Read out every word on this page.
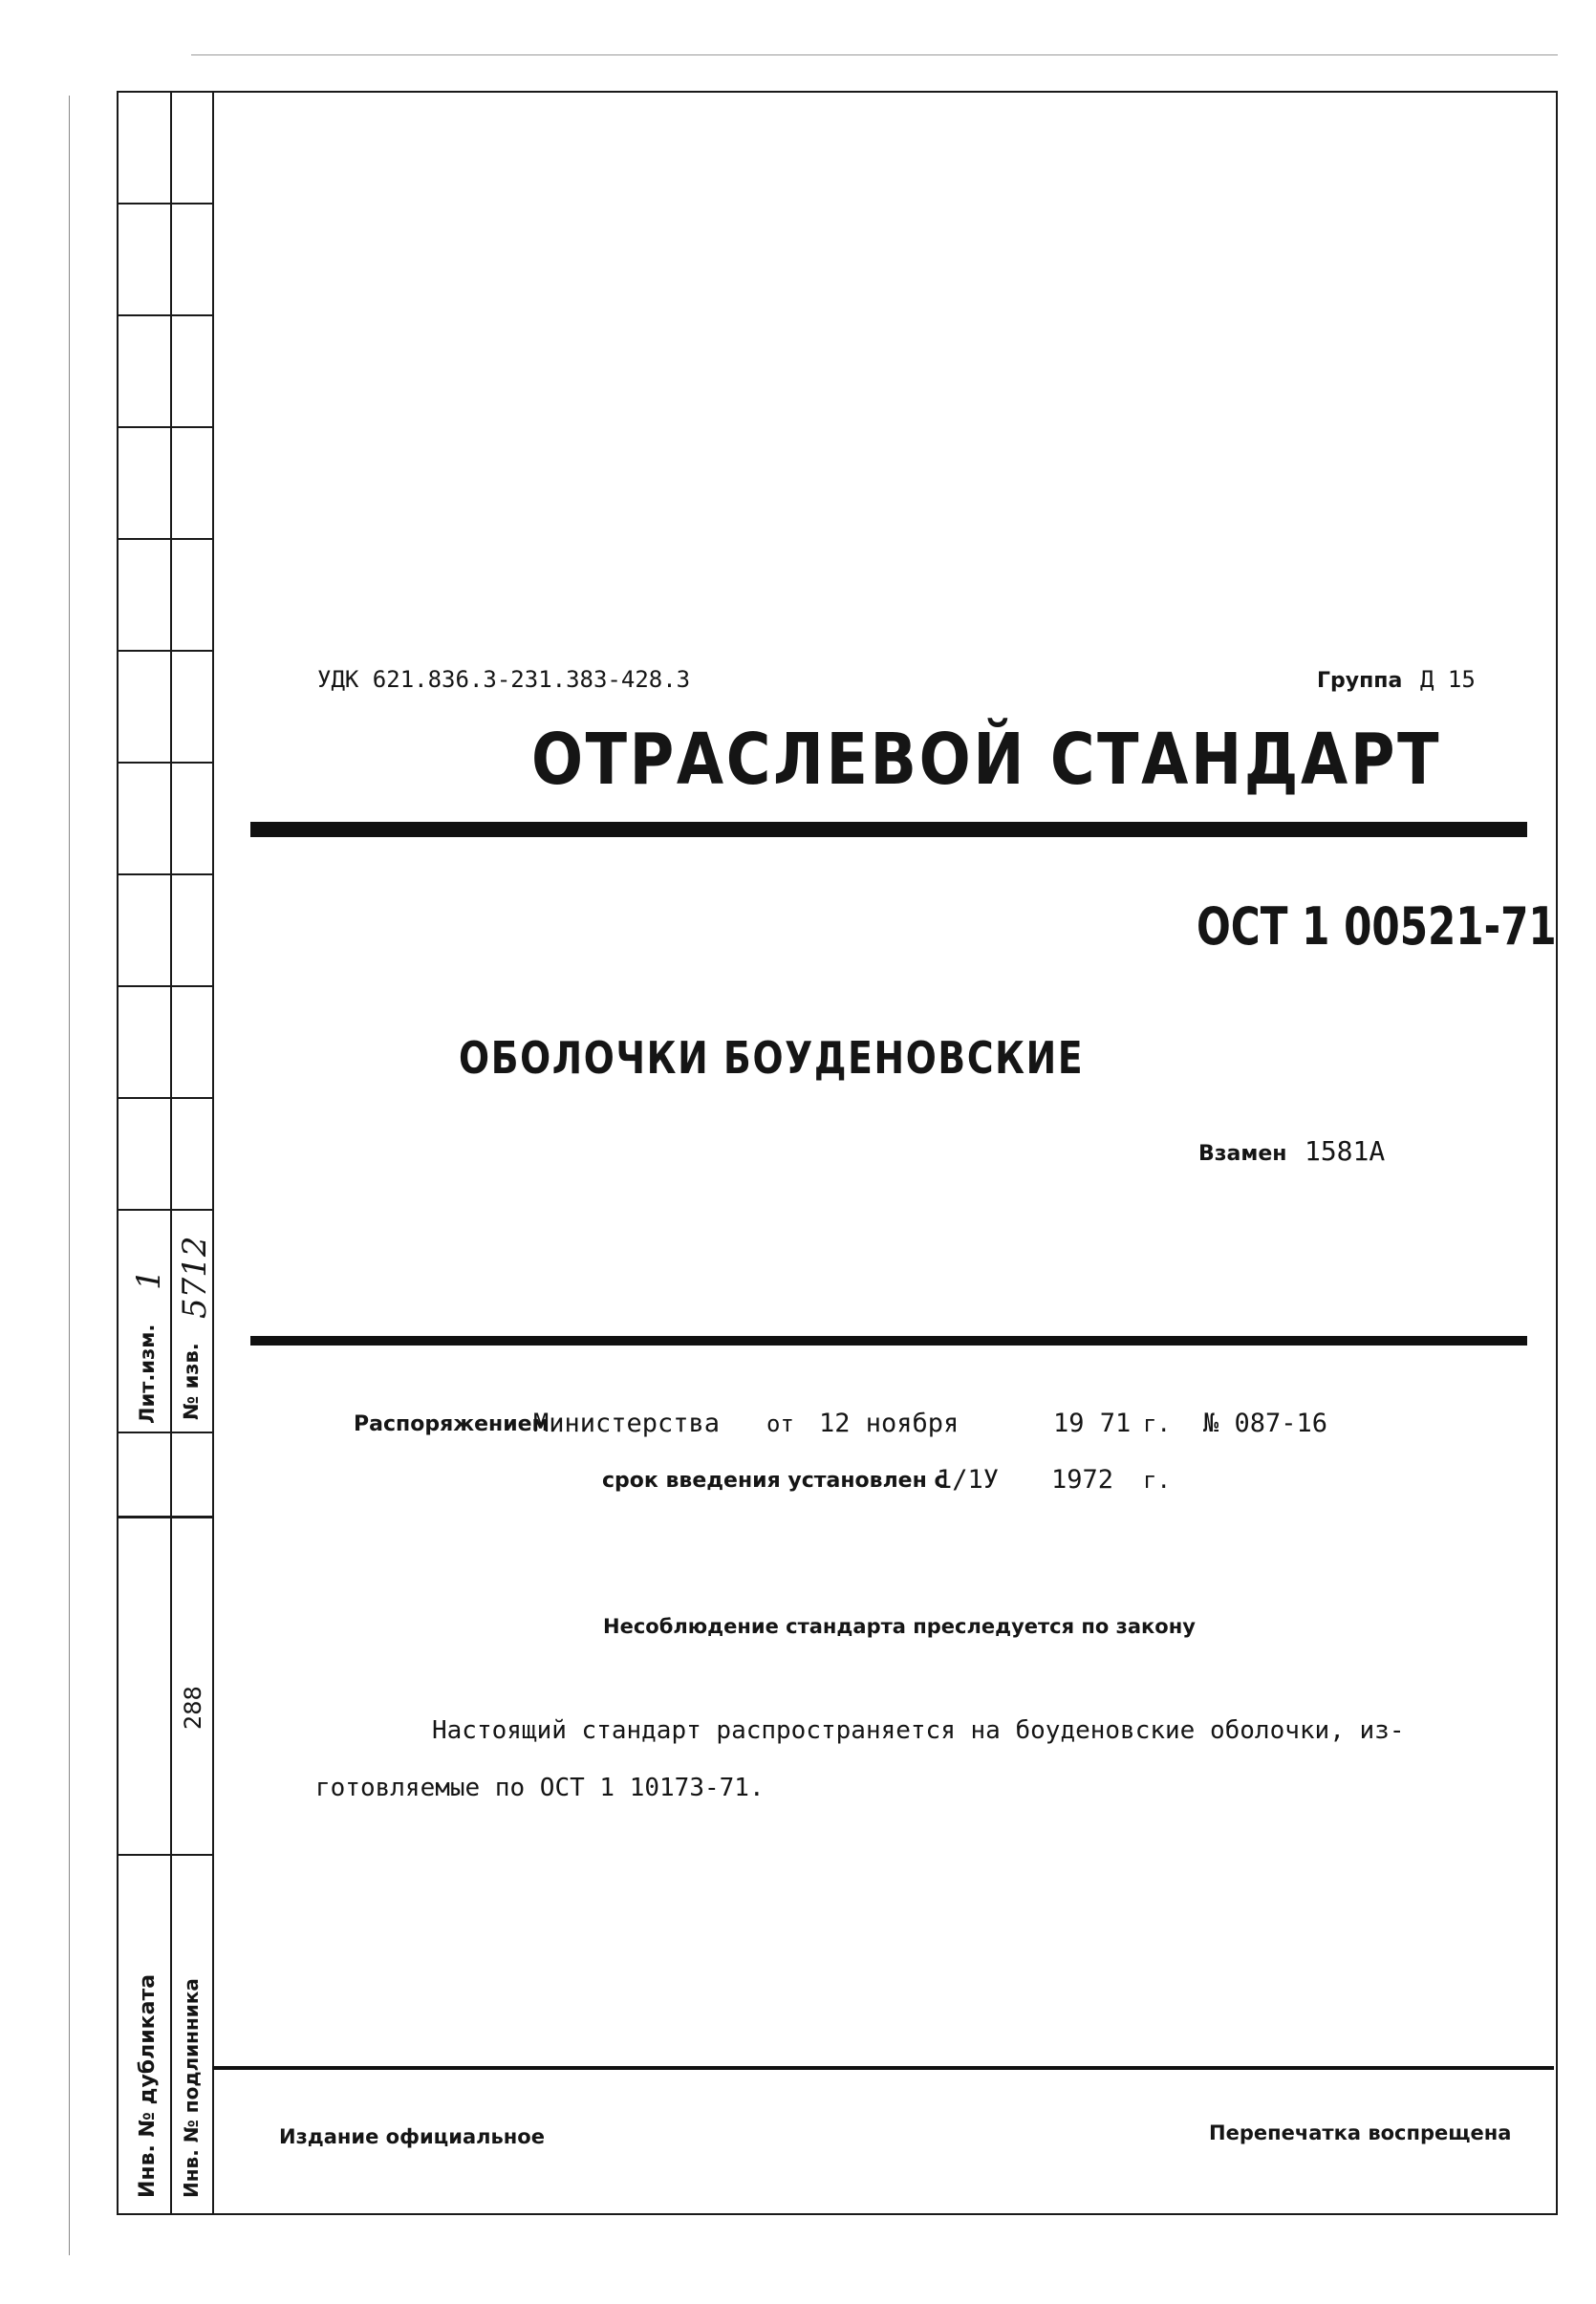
Лит.изм.
1
№ изв.
5712
288
Инв. № дубликата Инв. № подлинника
УДК 621.836.3-231.383-428.3	Группа Д 15
ОТРАСЛЕВОЙ СТАНДАРТ
ОСТ 1 00521-71
ОБОЛОЧКИ БОУДЕНОВСКИЕ
Взамен 1581А
Распоряжением
Министерства от 12 ноября	19 71 г. № 087-16
срок введения установлен с
1/1У 1972 г.
Несоблюдение стандарта преследуется по закону
Настоящий стандарт распространяется на боуденовские оболочки, из-
готовляемые по ОСТ 1 10173-71.
Издание официальное	Перепечатка воспрещена
